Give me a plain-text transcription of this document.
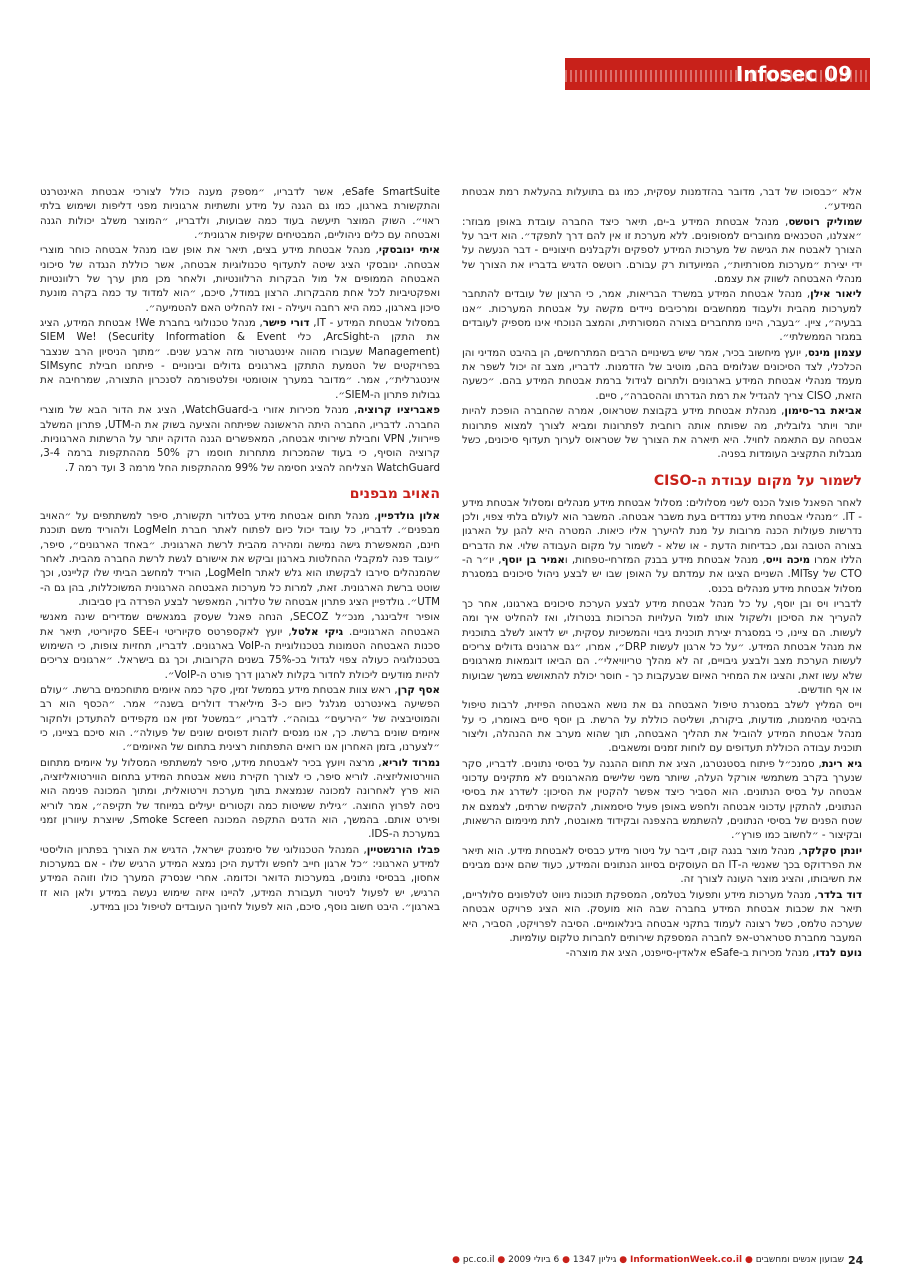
Infosec 09

אלא ״כבסוכו של דבר, מדובר בהזדמנות עסקית, כמו גם בתועלות בהעלאת רמת אבטחת המידע״.

שמוליק רוטשס, מנהל אבטחת המידע ב-ים, תיאר כיצד החברה עובדת באופן מבוזר: ״אצלנו, הטכנאים מחוברים למסופונים. ללא מערכת זו אין להם דרך לתפקד״. הוא דיבר על הצורך לאבטח את הגישה של מערכות המידע לספקים ולקבלנים חיצוניים - דבר הנעשה על ידי יצירת ״מערכות מסורתיות״, המיועדות רק עבורם. רוטשס הדגיש בדבריו את הצורך של מנהלי האבטחה לשווק את עצמם.

ליאור אילן, מנהל אבטחת המידע במשרד הבריאות, אמר, כי הרצון של עובדים להתחבר למערכות מהבית ולעבוד ממחשבים ומרכיבים ניידים מקשה על אבטחת המערכות. ״אנו בבעיה״, ציין. ״בעבר, היינו מתחברים בצורה המסורתית, והמצב הנוכחי אינו מספיק לעובדים במגזר הממשלתי״.

עצמון מינס, יועץ מיחשוב בכיר, אמר שיש בשינויים הרבים המתרחשים, הן בהיבט המדיני והן הכלכלי, לצד הסיכונים שגלומים בהם, מוטיב של הזדמנות. לדבריו, מצב זה יכול לשפר את מעמד מנהלי אבטחת המידע בארגונים ולתרום לגידול ברמת אבטחת המידע בהם. ״כשעה הזאת, CISO צריך להגדיל את רמת הגדרתו וההסברה״, סיים.

אביאת בר-סימון, מנהלת אבטחת מידע בקבוצת שטראוס, אמרה שהחברה הופכת להיות יותר ויותר גלובלית, מה שפותח אותה רוחבית לפתרונות ומביא לצורך למצוא פתרונות אבטחה עם התאמה לחויל. היא תיארה את הצורך של שטראוס לערוך תעדוף סיכונים, כשל מגבלות התקציב העומדות בפניה.

לשמור על מקום עבודת ה-CISO

לאחר הפאנל פוצל הכנס לשני מסלולים: מסלול אבטחת מידע מנהלים ומסלול אבטחת מידע - IT. ״מנהלי אבטחת מידע נמדדים בעת משבר אבטחה. המשבר הוא לעולם בלתי צפוי, ולכן נדרשות פעולות הכנה מרובות על מנת להיערך אליו כיאות. המטרה היא להגן על הארגון בצורה הטובה וגם, כבדיחות הדעת - או שלא - לשמור על מקום העבודה שלוי. את הדברים הללו אמרו מיכה וייס, מנהל אבטחת מידע בבנק המזרחי-טפחות, ואמיר בן יוסף, יו״ר ה-CTO של MITsy. השניים הציגו את עמדתם על האופן שבו יש לבצע ניהול סיכונים במסגרת מסלול אבטחת מידע מנהלים בכנס.

לדבריו ויס ובן יוסף, על כל מנהל אבטחת מידע לבצע הערכת סיכונים בארגונו, אחר כך להעריך את הסיכון ולשקול אותו למול העלויות הכרוכות בנטרולו, ואז להחליט איך ומה לעשות. הם ציינו, כי במסגרת יצירת תוכנית גיבוי והמשכיות עסקית, יש לדאוג לשלב בתוכנית את מנהל אבטחת המידע. ״על כל ארגון לעשות DRP״, אמרו, ״גם ארגונים גדולים צריכים לעשות הערכת מצב ולבצע גיבויים, זה לא מהלך טריוויאלי״. הם הביאו דוגמאות מארגונים שלא עשו זאת, והציגו את המחיר האיום שבעקבות כך - חוסר יכולת להתאושש במשך שבועות או אף חודשים.

וייס המליץ לשלב במסגרת טיפול האבטחה גם את נושא האבטחה הפיזית, לרבות טיפול בהיבטי מהימנות, מודעות, ביקורת, ושליטה כוללת על הרשת. בן יוסף סיים באומרו, כי על מנהל אבטחת המידע להוביל את תהליך האבטחה, תוך שהוא מערב את ההנהלה, וליצור תוכנית עבודה הכוללת תעדופים עם לוחות זמנים ומשאבים.

גיא רינת, סמנכ״ל פיתוח בסטנטרגו, הציג את תחום ההגנה על בסיסי נתונים. לדבריו, סקר שנערך בקרב משתמשי אורקל העלה, שיותר משני שלישים מהארגונים לא מתקינים עדכוני אבטחה על בסיס הנתונים. הוא הסביר כיצד אפשר להקטין את הסיכון: לשדרג את בסיסי הנתונים, להתקין עדכוני אבטחה ולחפש באופן פעיל סיסמאות, להקשיח שרתים, לצמצם את שטח הפנים של בסיסי הנתונים, להשתמש בהצפנה ובקידוד מאובטח, לתת מינימום הרשאות, ובקיצור - ״לחשוב כמו פורץ״.

יונתן סקלקר, מנהל מוצר בנגה קום, דיבר על ניטור מידע כבסיס לאבטחת מידע. הוא תיאר את הפרדוקס בכך שאנשי ה-IT הם העוסקים בסיווג הנתונים והמידע, כעוד שהם אינם מבינים את חשיבותו, והציג מוצר העונה לצורך זה.

דוד בלדר, מנהל מערכות מידע ותפעול בטלמס, המספקת תוכנות ניווט לטלפונים סלולריים, תיאר את שכבות אבטחת המידע בחברה שבה הוא מועסק. הוא הציג פרויקט אבטחה שערכה טלמס, כשל רצונה לעמוד בתקני אבטחה בינלאומיים. הסיבה לפרויקט, הסביר, היא המעבר מחברת סטרארט-אפ לחברה המספקת שירותים לחברות טלקום עולמיות.

נועם לנדו, מנהל מכירות ב-eSafe אלאדין-סייפנט, הציג את מוצרה-

eSafe SmartSuite, אשר לדבריו, ״מספק מענה כולל לצורכי אבטחת האינטרנט והתקשורת בארגון, כמו גם הגנה על מידע ותשתיות ארגוניות מפני דליפות ושימוש בלתי ראוי״. השוק המוצר תיעשה בעוד כמה שבועות, ולדבריו, ״המוצר משלב יכולות הגנה ואבטחה עם כלים ניהוליים, המבטיחים שקיפות ארגונית״.

איתי ינובסקי, מנהל אבטחת מידע בצים, תיאר את אופן שבו מנהל אבטחה כוחר מוצרי אבטחה. ינובסקי הציג שיטה לתעדוף טכנולוגיות אבטחה, אשר כוללת הנגדה של סיכוני האבטחה הממופים אל מול הבקרות הרלוונטיות, ולאחר מכן מתן ערך של רלוונטיות ואפקטיביות לכל אחת מהבקרות. הרצון במודל, סיכם, ״הוא למדוד עד כמה בקרה מונעת סיכון בארגון, כמה היא רחבה ויעילה - ואז להחליט האם להטמיעה״.

במסלול אבטחת המידע - IT, דורי פישר, מנהל טכנולוגי בחברת We! אבטחת המידע, הציג את התקן ה-ArcSight, כלי SIEM We! (Security Information & Event Management) שעבורו מהווה אינטגרטור מזה ארבע שנים. ״מתוך הניסיון הרב שנצבר בפרויקטים של הטמעת התתקן בארגונים גדולים ובינוניים - פיתחנו חבילת SIMsync אינטגרלית״, אמר. ״מדובר במערך אוטומטי ופלטפורמה לסנכרון התצורה, שמרחיבה את גבולות פתרון ה-SIEM״.

פאבריציו קרוציה, מנהל מכירות אזורי ב-WatchGuard, הציג את הדור הבא של מוצרי החברה. לדבריו, החברה היתה הראשונה שפיתחה והציעה בשוק את ה-UTM, פתרון המשלב פיירוול, VPN וחבילת שירותי אבטחה, המאפשרים הגנה הדוקה יותר על הרשתות הארגוניות. קרוציה הוסיף, כי בעוד שהמכרות מתחרות חוסמו רק 50% מההתקפות ברמה 3-4, WatchGuard הצליחה להציג חסימה של 99% מההתקפות החל מרמה 3 ועד רמה 7.

האויב מבפנים

אלון גולדפיין, מנהל תחום אבטחת מידע בטלדור תקשורת, סיפר למשתתפים על ״האויב מבפנים״. לדבריו, כל עובד יכול כיום לפתוח לאתר חברת LogMeIn ולהוריד משם תוכנת חינם, המאפשרת גישה נמישה ומהירה מהבית לרשת הארגונית. ״באחד הארגונים״, סיפר, ״עובד פנה למקבלי ההחלטות בארגון וביקש את אישורם לגשת לרשת החברה מהבית. לאחר שהמנהלים סירבו לבקשתו הוא גלש לאתר LogMeIn, הוריד למחשב הביתי שלו קליינט, וכך שוטט ברשת הארגונית. זאת, למרות כל מערכות האבטחה הארגונית המשוכללות, בהן גם ה-UTM״. גולדפיין הציג פתרון אבטחה של טלדור, המאפשר לבצע הפרדה בין סביבות.

אופיר זילבינגר, מנכ״ל SECOZ, הנחה פאנל שעסק במגאשים שמדירים שינה מאנשי האבטחה הארגוניים. גיקי אלטל, יועץ לאקספרטס סקיוריטי ו-SEE סקיוריטי, תיאר את סכנות האבטחה הטמונות בטכנולוגיית ה-VoIP בארגונים. לדבריו, תחזיות צופות, כי השימוש בטכנולוגיה כעולה צפוי לגדול בכ-75% בשנים הקרובות, וכך גם בישראל. ״ארגונים צריכים להיות מודעים ליכולת לחדור בקלות לארגון דרך פורט ה-VoIP״.

אסף קרן, ראש צוות אבטחת מידע בממשל זמין, סקר כמה איומים מתוחכמים ברשת. ״עולם הפשיעה באינטרנט מגלגל כיום כ-3 מיליארד דולרים בשנה״ אמר. ״הכסף הוא רב והמוטיבציה של ״הירעים״ גבוהה״. לדבריו, ״במשטל זמין אנו מקפידים להתעדכן ולחקור איומים שונים ברשת. כך, אנו מנסים לזהות דפוסים שונים של פעולה״. הוא סיכם בציינו, כי ״לצערנו, בזמן האחרון אנו רואים התפתחות רצינית בתחום של האיומים״.

נמרוד לוריא, מרצה ויועץ בכיר לאבטחת מידע, סיפר למשתתפי המסלול על איומים מתחום הווירטואליזציה. לוריא סיפר, כי לצורך חקירת נושא אבטחת המידע בתחום הווירטואליזציה, הוא פרץ לאחרונה למכונה שנמצאת בתוך מערכת וירטואלית, ומתוך המכונה פנימה הוא ניסה לפרוץ החוצה. ״גילית ששיטות כמה וקטורים יעילים במיוחד של תקיפה״, אמר לוריא ופירט אותם. בהמשך, הוא הדגים התקפה המכונה Smoke Screen, שיוצרת עיוורון זמני במערכת ה-IDS.

פבלו הורנשטיין, המנהל הטכנולוגי של סימנטק ישראל, הדגיש את הצורך בפתרון הוליסטי למידע הארגוני: ״כל ארגון חייב לחפש ולדעת היכן נמצא המידע הרגיש שלו - אם במערכות אחסון, בבסיסי נתונים, במערכות הדואר וכדומה. אחרי שנסרק המערך כולו וזוהה המידע הרגיש, יש לפעול לניטור תעבורת המידע, להיינו איזה שימוש נעשה במידע ולאן הוא זז בארגון״. היבט חשוב נוסף, סיכם, הוא לפעול לחינוך העובדים לטיפול נכון במידע.

24
שבועון אנשים ומחשבים ● InformationWeek.co.il ● גיליון 1347 ● 6 ביולי 2009 ● pc.co.il ●
